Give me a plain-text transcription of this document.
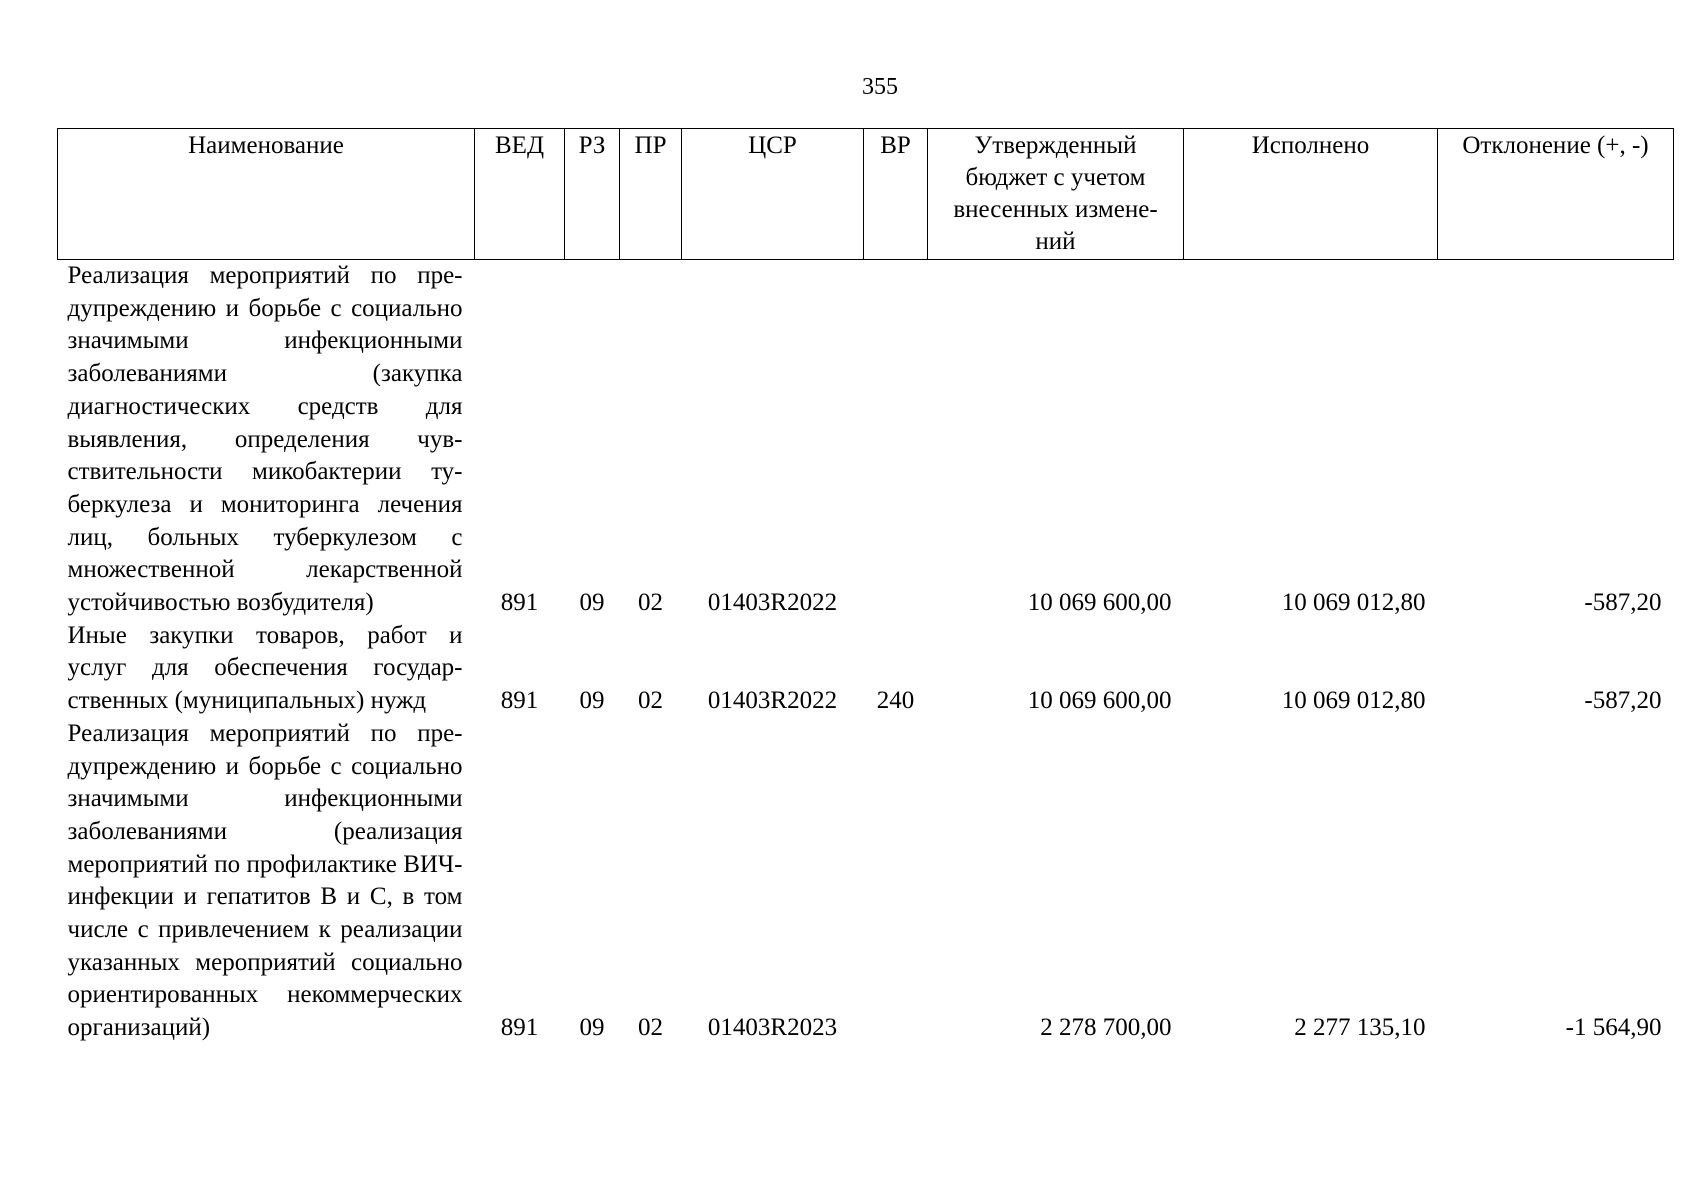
355
Наименование	ВЕД	РЗ	ПР	ЦСР	ВР	Утвержденный бюджет с учетом внесенных измене-ний	Исполнено	Отклонение (+, -)
Реализация мероприятий по предупреждению и борьбе с социально значимыми инфекционными заболеваниями (закупка диагностических средств для выявления, определения чувствительности микобактерии туберкулеза и мониторинга лечения лиц, больных туберкулезом с множественной лекарственной устойчивостью возбудителя)	891	09	02	01403R2022		10 069 600,00	10 069 012,80	-587,20
Иные закупки товаров, работ и услуг для обеспечения государственных (муниципальных) нужд	891	09	02	01403R2022	240	10 069 600,00	10 069 012,80	-587,20
Реализация мероприятий по предупреждению и борьбе с социально значимыми инфекционными заболеваниями (реализация мероприятий по профилактике ВИЧ-инфекции и гепатитов В и С, в том числе с привлечением к реализации указанных мероприятий социально ориентированных некоммерческих организаций)	891	09	02	01403R2023		2 278 700,00	2 277 135,10	-1 564,90
